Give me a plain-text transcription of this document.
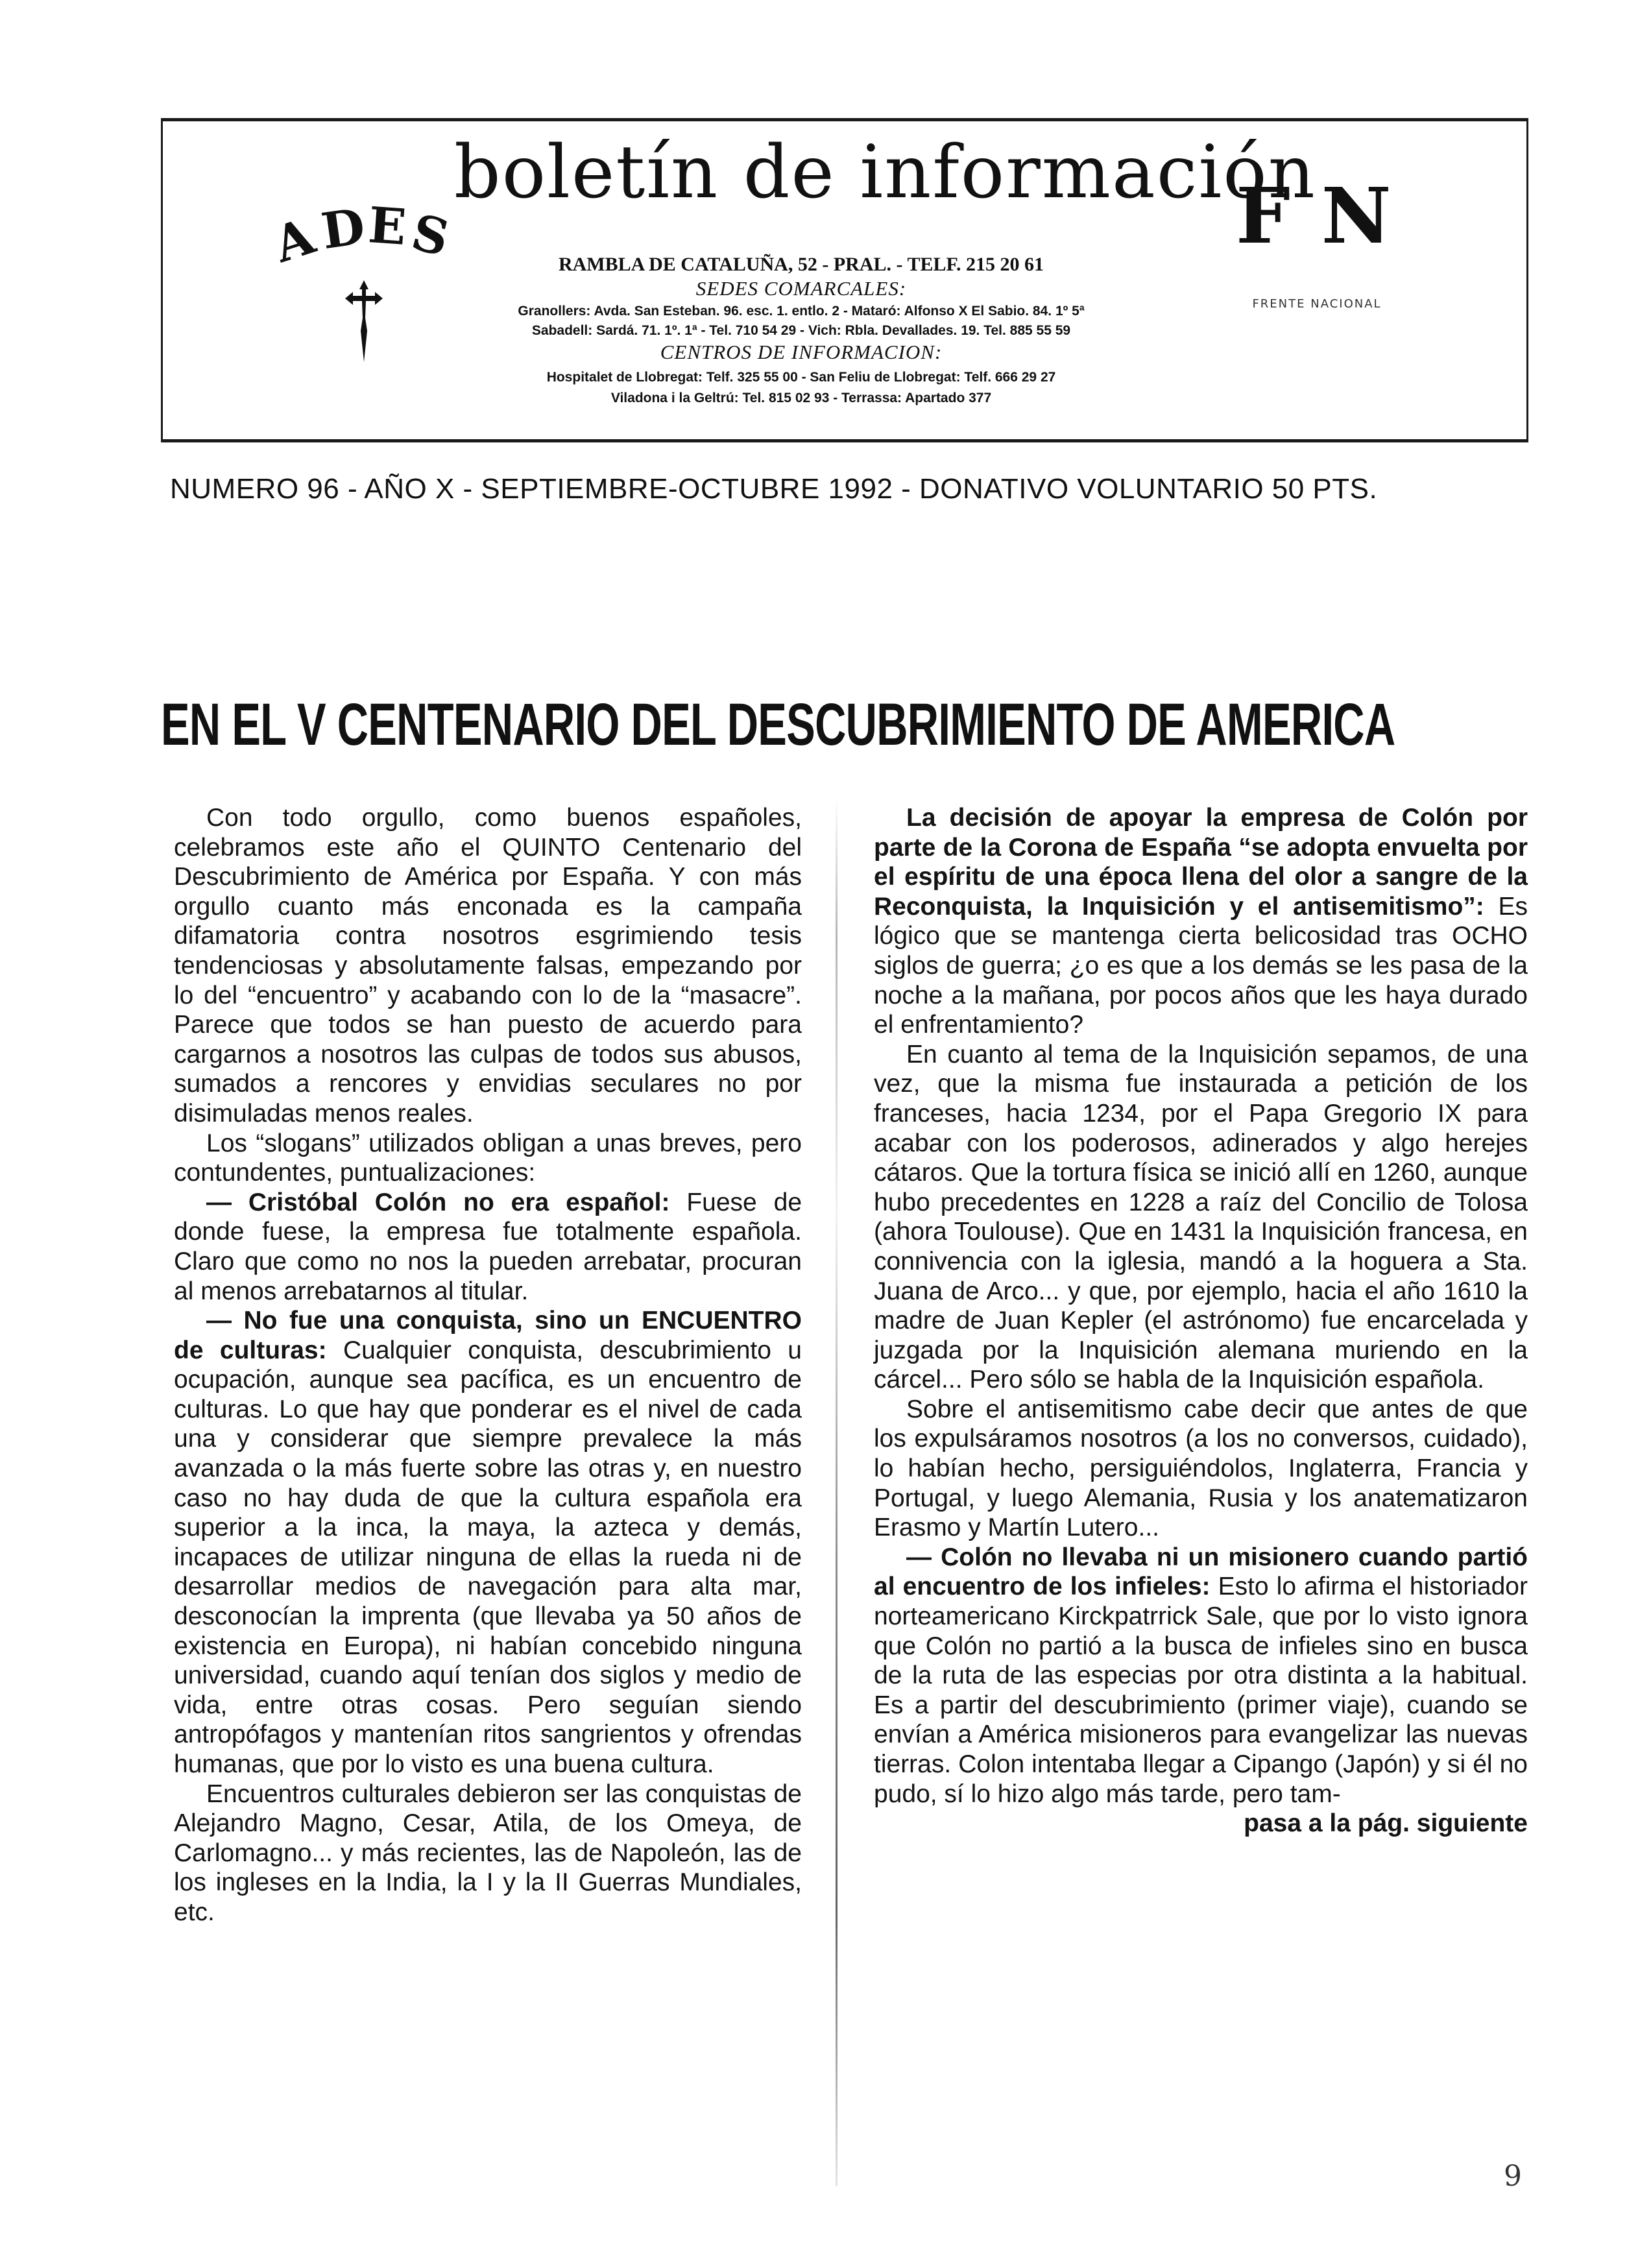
boletín de información
A
D
E
S	FN
FRENTE NACIONAL
RAMBLA DE CATALUÑA, 52 - PRAL. - TELF. 215 20 61
SEDES COMARCALES:
Granollers: Avda. San Esteban. 96. esc. 1. entlo. 2 - Mataró: Alfonso X El Sabio. 84. 1º 5ª
Sabadell: Sardá. 71. 1º. 1ª - Tel. 710 54 29 - Vich: Rbla. Devallades. 19. Tel. 885 55 59
CENTROS DE INFORMACION:
Hospitalet de Llobregat: Telf. 325 55 00 - San Feliu de Llobregat: Telf. 666 29 27
Viladona i la Geltrú: Tel. 815 02 93 - Terrassa: Apartado 377
NUMERO 96 - AÑO X - SEPTIEMBRE-OCTUBRE 1992 - DONATIVO VOLUNTARIO 50 PTS.
EN EL V CENTENARIO DEL DESCUBRIMIENTO DE AMERICA

Con todo orgullo, como buenos españoles, celebramos este año el QUINTO Centenario del Descubrimiento de América por España. Y con más orgullo cuanto más enconada es la campaña difamatoria contra nosotros esgrimiendo tesis tendenciosas y absolutamente falsas, empezando por lo del “encuentro” y acabando con lo de la “masacre”. Parece que todos se han puesto de acuerdo para cargarnos a nosotros las culpas de todos sus abusos, sumados a rencores y envidias seculares no por disimuladas menos reales.

Los “slogans” utilizados obligan a unas breves, pero contundentes, puntualizaciones:

— Cristóbal Colón no era español: Fuese de donde fuese, la empresa fue totalmente española. Claro que como no nos la pueden arrebatar, procuran al menos arrebatarnos al titular.

— No fue una conquista, sino un ENCUENTRO de culturas: Cualquier conquista, descubrimiento u ocupación, aunque sea pacífica, es un encuentro de culturas. Lo que hay que ponderar es el nivel de cada una y considerar que siempre prevalece la más avanzada o la más fuerte sobre las otras y, en nuestro caso no hay duda de que la cultura española era superior a la inca, la maya, la azteca y demás, incapaces de utilizar ninguna de ellas la rueda ni de desarrollar medios de navegación para alta mar, desconocían la imprenta (que llevaba ya 50 años de existencia en Europa), ni habían concebido ninguna universidad, cuando aquí tenían dos siglos y medio de vida, entre otras cosas. Pero seguían siendo antropófagos y mantenían ritos sangrientos y ofrendas humanas, que por lo visto es una buena cultura.

Encuentros culturales debieron ser las conquistas de Alejandro Magno, Cesar, Atila, de los Omeya, de Carlomagno... y más recientes, las de Napoleón, las de los ingleses en la India, la I y la II Guerras Mundiales, etc.

La decisión de apoyar la empresa de Colón por parte de la Corona de España “se adopta envuelta por el espíritu de una época llena del olor a sangre de la Reconquista, la Inquisición y el antisemitismo”: Es lógico que se mantenga cierta belicosidad tras OCHO siglos de guerra; ¿o es que a los demás se les pasa de la noche a la mañana, por pocos años que les haya durado el enfrentamiento?

En cuanto al tema de la Inquisición sepamos, de una vez, que la misma fue instaurada a petición de los franceses, hacia 1234, por el Papa Gregorio IX para acabar con los poderosos, adinerados y algo herejes cátaros. Que la tortura física se inició allí en 1260, aunque hubo precedentes en 1228 a raíz del Concilio de Tolosa (ahora Toulouse). Que en 1431 la Inquisición francesa, en connivencia con la iglesia, mandó a la hoguera a Sta. Juana de Arco... y que, por ejemplo, hacia el año 1610 la madre de Juan Kepler (el astrónomo) fue encarcelada y juzgada por la Inquisición alemana muriendo en la cárcel... Pero sólo se habla de la Inquisición española.

Sobre el antisemitismo cabe decir que antes de que los expulsáramos nosotros (a los no conversos, cuidado), lo habían hecho, persiguiéndolos, Inglaterra, Francia y Portugal, y luego Alemania, Rusia y los anatematizaron Erasmo y Martín Lutero...

— Colón no llevaba ni un misionero cuando partió al encuentro de los infieles: Esto lo afirma el historiador norteamericano Kirckpatrrick Sale, que por lo visto ignora que Colón no partió a la busca de infieles sino en busca de la ruta de las especias por otra distinta a la habitual. Es a partir del descubrimiento (primer viaje), cuando se envían a América misioneros para evangelizar las nuevas tierras. Colon intentaba llegar a Cipango (Japón) y si él no pudo, sí lo hizo algo más tarde, pero tam-

pasa a la pág. siguiente

9
